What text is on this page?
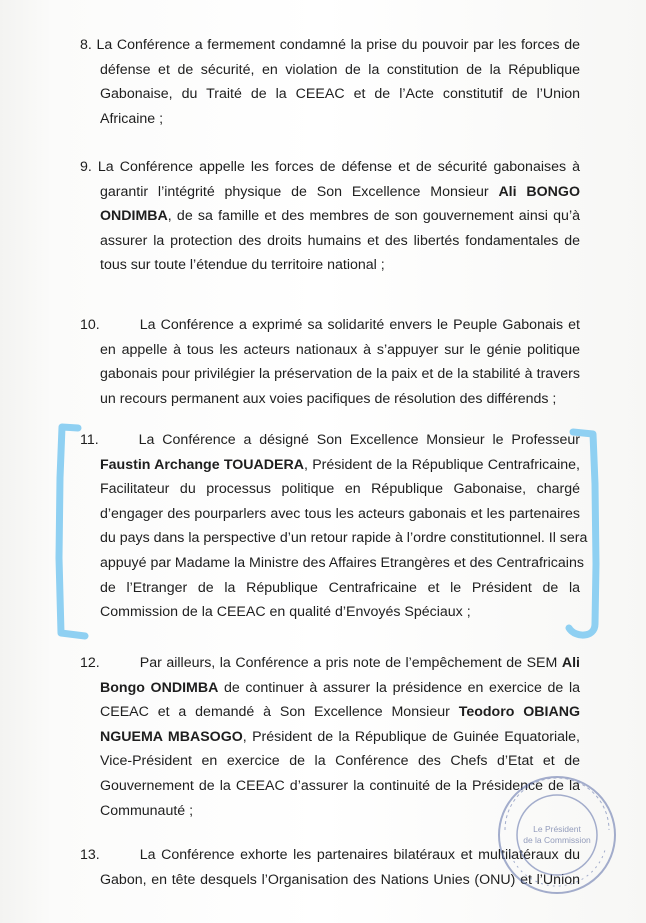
8. La Conférence a fermement condamné la prise du pouvoir par les forces de
défense et de sécurité, en violation de la constitution de la République
Gabonaise, du Traité de la CEEAC et de l’Acte constitutif de l’Union
Africaine ;
9. La Conférence appelle les forces de défense et de sécurité gabonaises à
garantir l’intégrité physique de Son Excellence Monsieur Ali BONGO
ONDIMBA, de sa famille et des membres de son gouvernement ainsi qu’à
assurer la protection des droits humains et des libertés fondamentales de
tous sur toute l’étendue du territoire national ;
10.	La Conférence a exprimé sa solidarité envers le Peuple Gabonais et
en appelle à tous les acteurs nationaux à s’appuyer sur le génie politique
gabonais pour privilégier la préservation de la paix et de la stabilité à travers
un recours permanent aux voies pacifiques de résolution des différends ;
11.	La Conférence a désigné Son Excellence Monsieur le Professeur
Faustin Archange TOUADERA, Président de la République Centrafricaine,
Facilitateur du processus politique en République Gabonaise, chargé
d’engager des pourparlers avec tous les acteurs gabonais et les partenaires
du pays dans la perspective d’un retour rapide à l’ordre constitutionnel. Il sera
appuyé par Madame la Ministre des Affaires Etrangères et des Centrafricains
de l’Etranger de la République Centrafricaine et le Président de la
Commission de la CEEAC en qualité d’Envoyés Spéciaux ;
12.	Par ailleurs, la Conférence a pris note de l’empêchement de SEM Ali
Bongo ONDIMBA de continuer à assurer la présidence en exercice de la
CEEAC et a demandé à Son Excellence Monsieur Teodoro OBIANG
NGUEMA MBASOGO, Président de la République de Guinée Equatoriale,
Vice-Président en exercice de la Conférence des Chefs d’Etat et de
Gouvernement de la CEEAC d’assurer la continuité de la Présidence de la
Communauté ;
13.	La Conférence exhorte les partenaires bilatéraux et multilatéraux du
Gabon, en tête desquels l’Organisation des Nations Unies (ONU) et l’Union
Le Président
de la Commission
